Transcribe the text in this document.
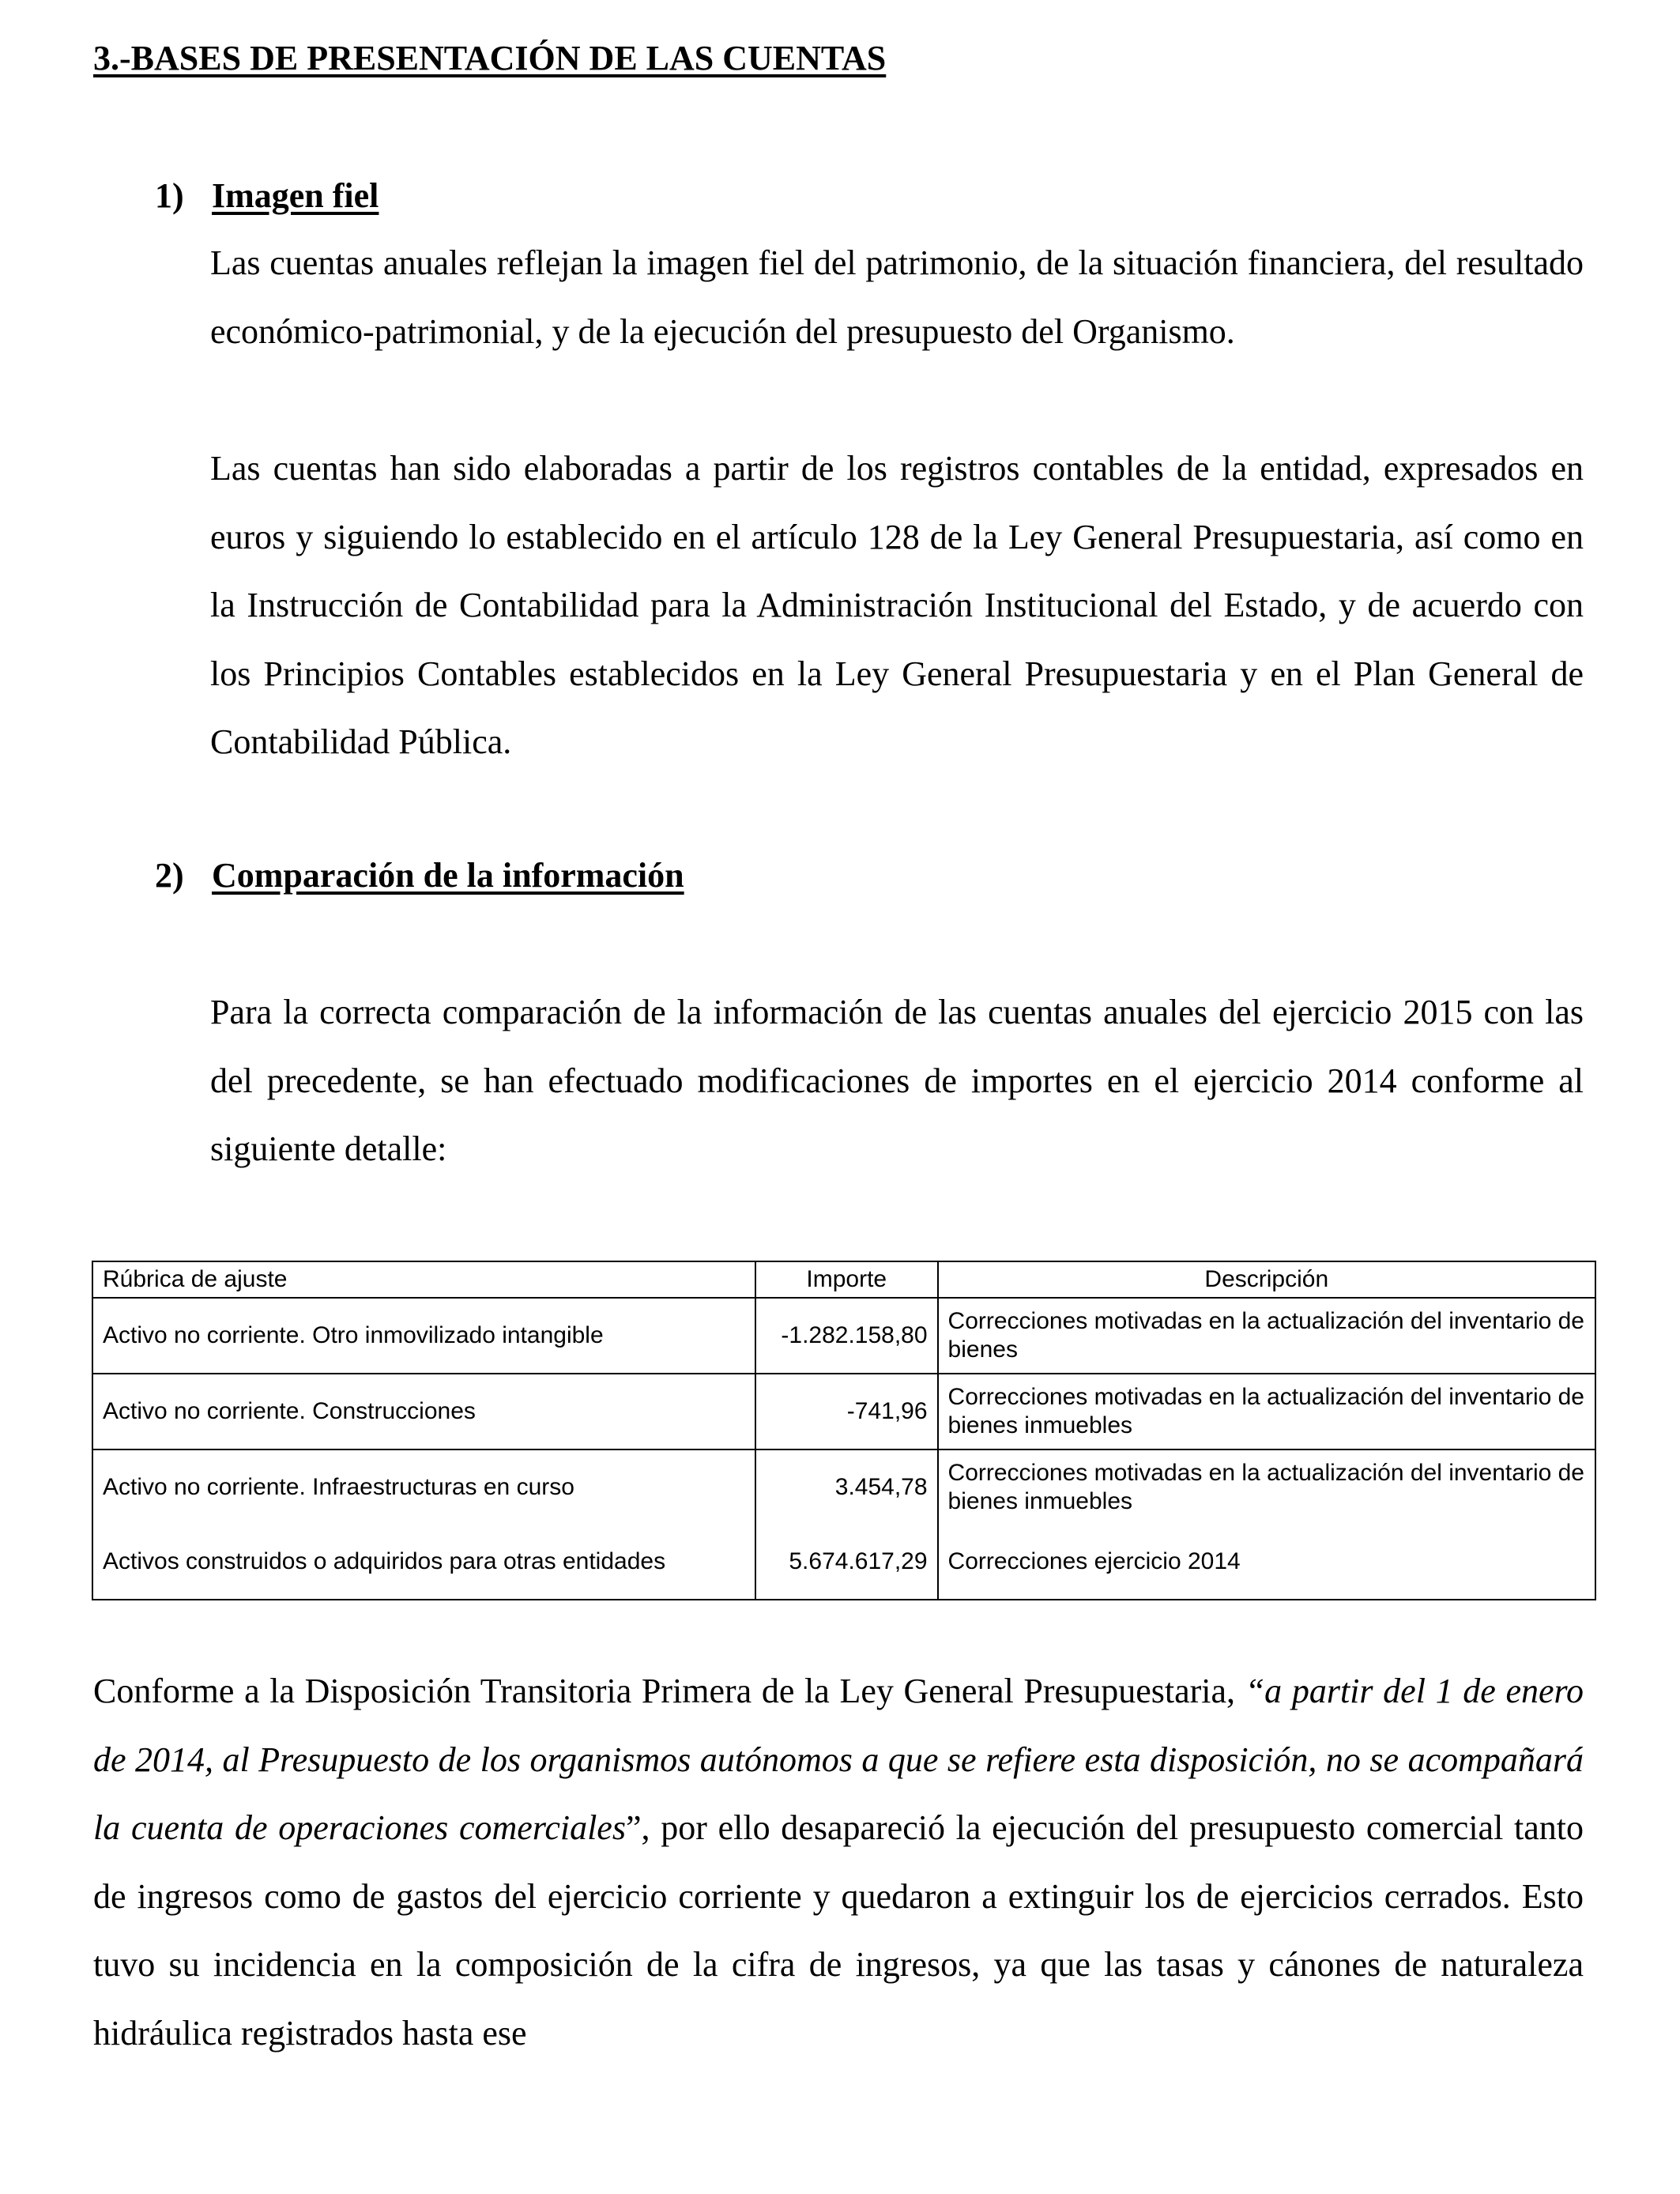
3.-BASES DE PRESENTACIÓN DE LAS CUENTAS
1) Imagen fiel

Las cuentas anuales reflejan la imagen fiel del patrimonio, de la situación financiera, del resultado económico-patrimonial, y de la ejecución del presupuesto del Organismo.

Las cuentas han sido elaboradas a partir de los registros contables de la entidad, expresados en euros y siguiendo lo establecido en el artículo 128 de la Ley General Presupuestaria, así como en la Instrucción de Contabilidad para la Administración Institucional del Estado, y de acuerdo con los Principios Contables establecidos en la Ley General Presupuestaria y en el Plan General de Contabilidad Pública.

2) Comparación de la información

Para la correcta comparación de la información de las cuentas anuales del ejercicio 2015 con las del precedente, se han efectuado modificaciones de importes en el ejercicio 2014 conforme al siguiente detalle:

Rúbrica de ajuste	Importe	Descripción
Activo no corriente. Otro inmovilizado intangible	-1.282.158,80	Correcciones motivadas en la actualización del inventario de bienes
Activo no corriente. Construcciones	-741,96	Correcciones motivadas en la actualización del inventario de bienes inmuebles
Activo no corriente. Infraestructuras en curso	3.454,78	Correcciones motivadas en la actualización del inventario de bienes inmuebles
Activos construidos o adquiridos para otras entidades	5.674.617,29	Correcciones ejercicio 2014

Conforme a la Disposición Transitoria Primera de la Ley General Presupuestaria, “a partir del 1 de enero de 2014, al Presupuesto de los organismos autónomos a que se refiere esta disposición, no se acompañará la cuenta de operaciones comerciales”, por ello desapareció la ejecución del presupuesto comercial tanto de ingresos como de gastos del ejercicio corriente y quedaron a extinguir los de ejercicios cerrados. Esto tuvo su incidencia en la composición de la cifra de ingresos, ya que las tasas y cánones de naturaleza hidráulica registrados hasta ese
